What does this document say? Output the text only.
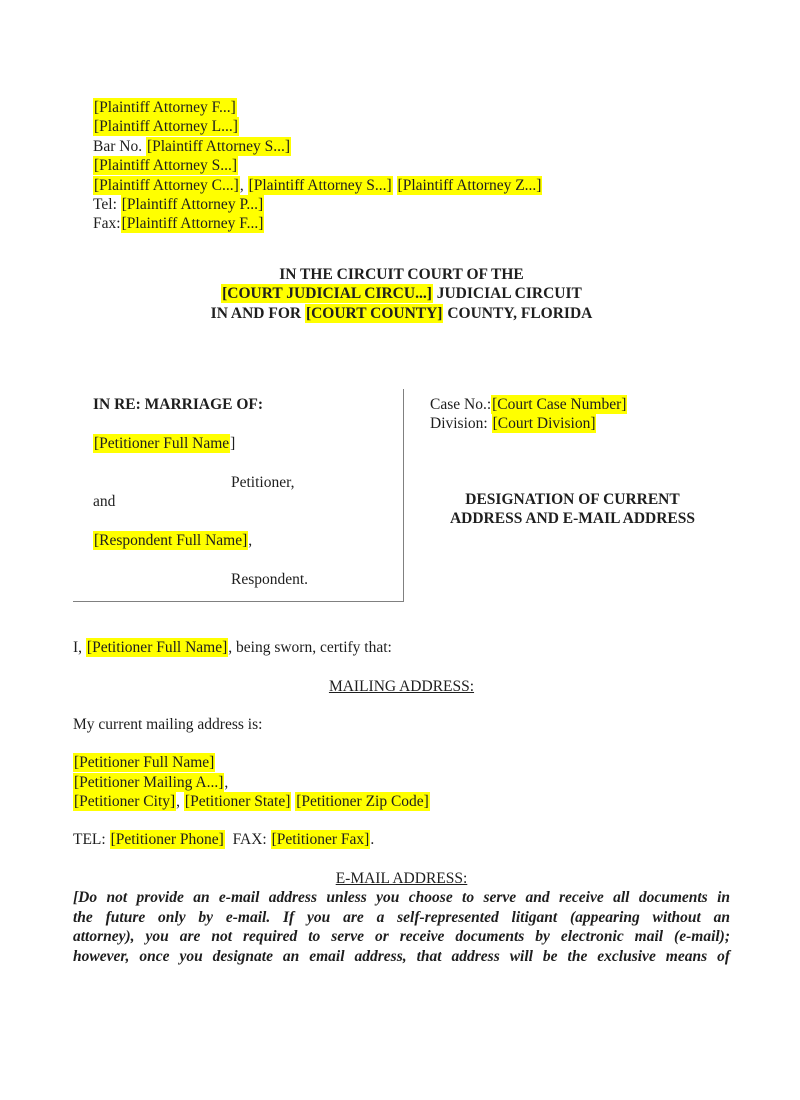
[Plaintiff Attorney F...]

[Plaintiff Attorney L...]

Bar No. [Plaintiff Attorney S...]

[Plaintiff Attorney S...]

[Plaintiff Attorney C...], [Plaintiff Attorney S...] [Plaintiff Attorney Z...]

Tel: [Plaintiff Attorney P...]

Fax:[Plaintiff Attorney F...]

IN THE CIRCUIT COURT OF THE

[COURT JUDICIAL CIRCU...] JUDICIAL CIRCUIT

IN AND FOR [COURT COUNTY] COUNTY, FLORIDA

IN RE: MARRIAGE OF:

[Petitioner Full Name]

Petitioner,

and

[Respondent Full Name],

Respondent.

Case No.:[Court Case Number]

Division: [Court Division]

DESIGNATION OF CURRENT ADDRESS AND E-MAIL ADDRESS

I, [Petitioner Full Name], being sworn, certify that:

MAILING ADDRESS:

My current mailing address is:

[Petitioner Full Name]

[Petitioner Mailing A...],

[Petitioner City], [Petitioner State] [Petitioner Zip Code]

TEL: [Petitioner Phone]  FAX: [Petitioner Fax].

E-MAIL ADDRESS:

[Do not provide an e-mail address unless you choose to serve and receive all documents in

the future only by e-mail. If you are a self-represented litigant (appearing without an

attorney), you are not required to serve or receive documents by electronic mail (e-mail);

however, once you designate an email address, that address will be the exclusive means of
